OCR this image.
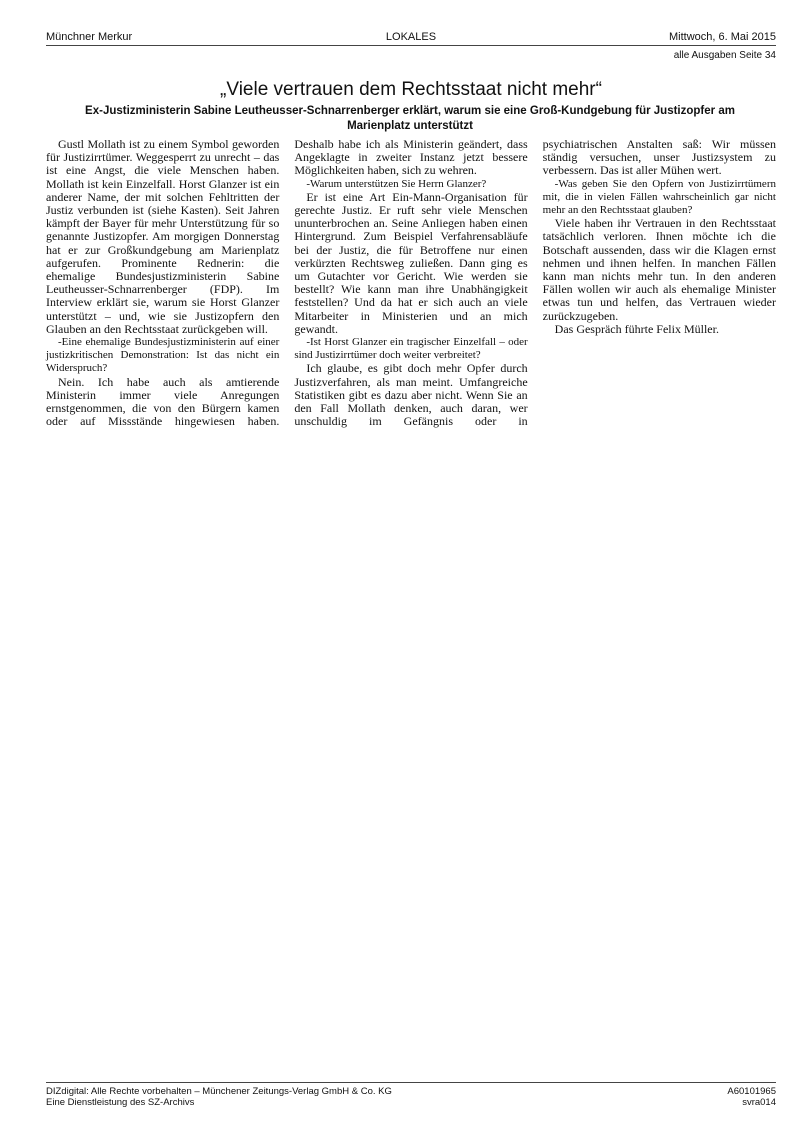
Münchner Merkur	LOKALES	Mittwoch, 6. Mai 2015
alle Ausgaben Seite 34
„Viele vertrauen dem Rechtsstaat nicht mehr“
Ex-Justizministerin Sabine Leutheusser-Schnarrenberger erklärt, warum sie eine Groß-Kundgebung für Justizopfer am Marienplatz unterstützt

Gustl Mollath ist zu einem Symbol geworden für Justizirrtümer. Weggesperrt zu unrecht – das ist eine Angst, die viele Menschen haben. Mollath ist kein Einzelfall. Horst Glanzer ist ein anderer Name, der mit solchen Fehltritten der Justiz verbunden ist (siehe Kasten). Seit Jahren kämpft der Bayer für mehr Unterstützung für so genannte Justizopfer. Am morgigen Donnerstag hat er zur Großkundgebung am Marienplatz aufgerufen. Prominente Rednerin: die ehemalige Bundesjustizministerin Sabine Leutheusser-Schnarrenberger (FDP). Im Interview erklärt sie, warum sie Horst Glanzer unterstützt – und, wie sie Justizopfern den Glauben an den Rechtsstaat zurückgeben will.

-Eine ehemalige Bundesjustizministerin auf einer justizkritischen Demonstration: Ist das nicht ein Widerspruch?

Nein. Ich habe auch als amtierende Ministerin immer viele Anregungen ernstgenommen, die von den Bürgern kamen oder auf Missstände hingewiesen haben. Deshalb habe ich als Ministerin geändert, dass Angeklagte in zweiter Instanz jetzt bessere Möglichkeiten haben, sich zu wehren.

-Warum unterstützen Sie Herrn Glanzer?

Er ist eine Art Ein-Mann-Organisation für gerechte Justiz. Er ruft sehr viele Menschen ununterbrochen an. Seine Anliegen haben einen Hintergrund. Zum Beispiel Verfahrensabläufe bei der Justiz, die für Betroffene nur einen verkürzten Rechtsweg zuließen. Dann ging es um Gutachter vor Gericht. Wie werden sie bestellt? Wie kann man ihre Unabhängigkeit feststellen? Und da hat er sich auch an viele Mitarbeiter in Ministerien und an mich gewandt.

-Ist Horst Glanzer ein tragischer Einzelfall – oder sind Justizirrtümer doch weiter verbreitet?

Ich glaube, es gibt doch mehr Opfer durch Justizverfahren, als man meint. Umfangreiche Statistiken gibt es dazu aber nicht. Wenn Sie an den Fall Mollath denken, auch daran, wer unschuldig im Gefängnis oder in psychiatrischen Anstalten saß: Wir müssen ständig versuchen, unser Justizsystem zu verbessern. Das ist aller Mühen wert.

-Was geben Sie den Opfern von Justizirrtümern mit, die in vielen Fällen wahrscheinlich gar nicht mehr an den Rechtsstaat glauben?

Viele haben ihr Vertrauen in den Rechtsstaat tatsächlich verloren. Ihnen möchte ich die Botschaft aussenden, dass wir die Klagen ernst nehmen und ihnen helfen. In manchen Fällen kann man nichts mehr tun. In den anderen Fällen wollen wir auch als ehemalige Minister etwas tun und helfen, das Vertrauen wieder zurückzugeben.

Das Gespräch führte Felix Müller.

DIZdigital: Alle Rechte vorbehalten – Münchener Zeitungs-Verlag GmbH & Co. KG
Eine Dienstleistung des SZ-Archivs
A60101965
svra014
